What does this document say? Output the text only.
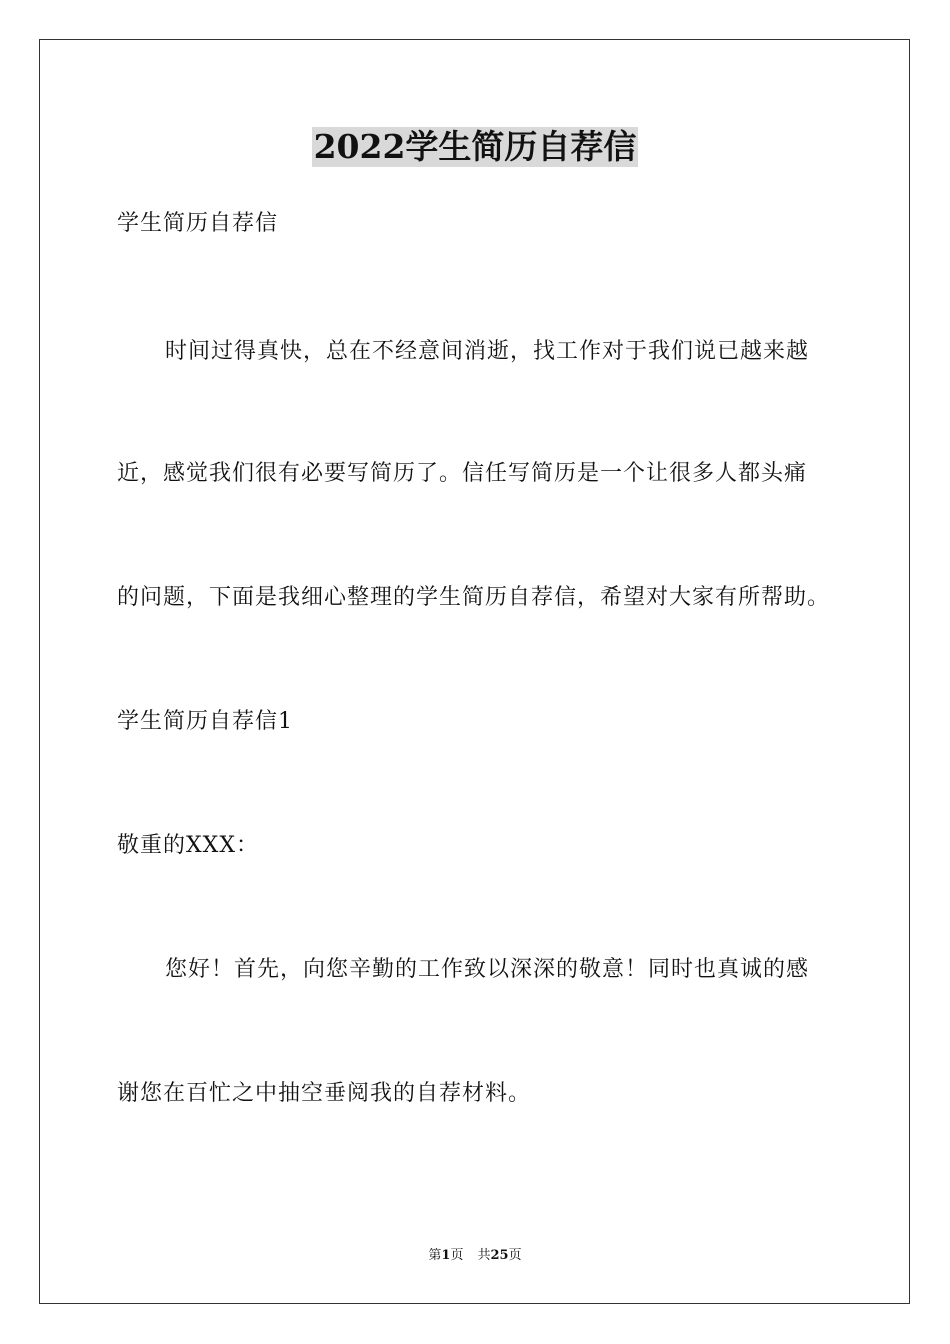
2022学生简历自荐信
学生简历自荐信
时间过得真快，总在不经意间消逝，找工作对于我们说已越来越
近，感觉我们很有必要写简历了。信任写简历是一个让很多人都头痛
的问题，下面是我细心整理的学生简历自荐信，希望对大家有所帮助。
学生简历自荐信1
敬重的XXX：
您好！首先，向您辛勤的工作致以深深的敬意！同时也真诚的感
谢您在百忙之中抽空垂阅我的自荐材料。
第1页 共25页
